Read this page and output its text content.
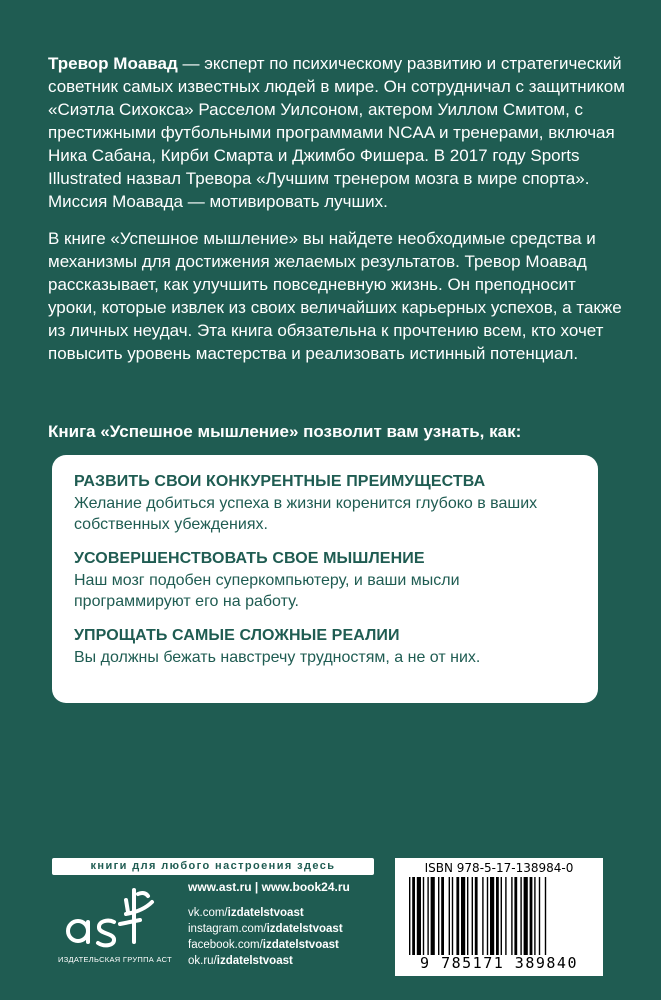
Тревор Моавад — эксперт по психическому развитию и стратегический советник самых известных людей в мире. Он сотрудничал с защитником «Сиэтла Сихокса» Расселом Уилсоном, актером Уиллом Смитом, с престижными футбольными программами NCAA и тренерами, включая Ника Сабана, Кирби Смарта и Джимбо Фишера. В 2017 году Sports Illustrated назвал Тревора «Лучшим тренером мозга в мире спорта». Миссия Моавада — мотивировать лучших.

В книге «Успешное мышление» вы найдете необходимые средства и механизмы для достижения желаемых результатов. Тревор Моавад рассказывает, как улучшить повседневную жизнь. Он преподносит уроки, которые извлек из своих величайших карьерных успехов, а также из личных неудач. Эта книга обязательна к прочтению всем, кто хочет повысить уровень мастерства и реализовать истинный потенциал.

Книга «Успешное мышление» позволит вам узнать, как:
РАЗВИТЬ СВОИ КОНКУРЕНТНЫЕ ПРЕИМУЩЕСТВА
Желание добиться успеха в жизни коренится глубоко в ваших собственных убеждениях.
УСОВЕРШЕНСТВОВАТЬ СВОЕ МЫШЛЕНИЕ
Наш мозг подобен суперкомпьютеру, и ваши мысли программируют его на работу.
УПРОЩАТЬ САМЫЕ СЛОЖНЫЕ РЕАЛИИ
Вы должны бежать навстречу трудностям, а не от них.
книги для любого настроения здесь
ИЗДАТЕЛЬСКАЯ ГРУППА АСТ
www.ast.ru | www.book24.ru
vk.com/izdatelstvoast
instagram.com/izdatelstvoast
facebook.com/izdatelstvoast
ok.ru/izdatelstvoast
ISBN 978-5-17-138984-0
9 785171 389840
